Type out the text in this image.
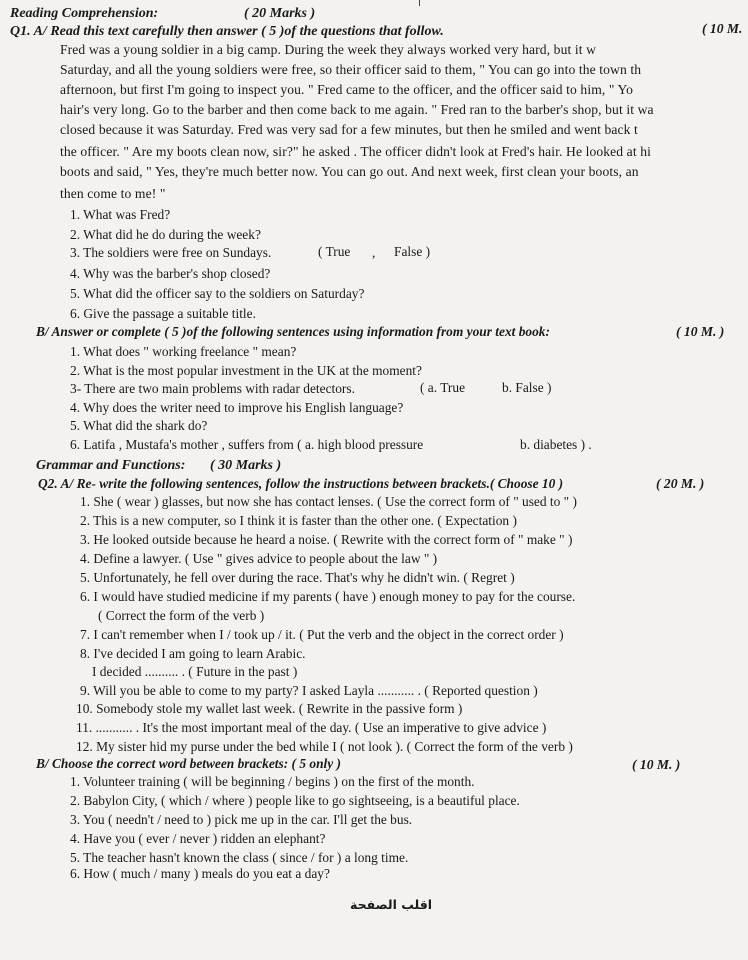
Reading Comprehension:	( 20 Marks )
Q1. A/ Read this text carefully then answer ( 5 )of the questions that follow.	( 10 M.
Fred was a young soldier in a big camp. During the week they always worked very hard, but it w
Saturday, and all the young soldiers were free, so their officer said to them, " You can go into the town th
afternoon, but first I'm going to inspect you. " Fred came to the officer, and the officer said to him, " Yo
hair's very long. Go to the barber and then come back to me again. " Fred ran to the barber's shop, but it wa
closed because it was Saturday. Fred was very sad for a few minutes, but then he smiled and went back t
the officer. " Are my boots clean now, sir?" he asked . The officer didn't look at Fred's hair. He looked at hi
boots and said, " Yes, they're much better now. You can go out. And next week, first clean your boots, an
then come to me! "
1. What was Fred?
2. What did he do during the week?
3. The soldiers were free on Sundays.	( True , False )
4. Why was the barber's shop closed?
5. What did the officer say to the soldiers on Saturday?
6. Give the passage a suitable title.
B/ Answer or complete ( 5 )of the following sentences using information from your text book:	( 10 M. )
1. What does " working freelance " mean?
2. What is the most popular investment in the UK at the moment?
3- There are two main problems with radar detectors.	( a. True	b. False )
4. Why does the writer need to improve his English language?
5. What did the shark do?
6. Latifa , Mustafa's mother , suffers from ( a. high blood pressure	b. diabetes ) .
Grammar and Functions: ( 30 Marks )
Q2. A/ Re- write the following sentences, follow the instructions between brackets.( Choose 10 )	( 20 M. )
1. She ( wear ) glasses, but now she has contact lenses. ( Use the correct form of " used to " )
2. This is a new computer, so I think it is faster than the other one. ( Expectation )
3. He looked outside because he heard a noise. ( Rewrite with the correct form of " make " )
4. Define a lawyer. ( Use " gives advice to people about the law " )
5. Unfortunately, he fell over during the race. That's why he didn't win. ( Regret )
6. I would have studied medicine if my parents ( have ) enough money to pay for the course.
( Correct the form of the verb )
7. I can't remember when I / took up / it. ( Put the verb and the object in the correct order )
8. I've decided I am going to learn Arabic.
I decided .......... . ( Future in the past )
9. Will you be able to come to my party? I asked Layla ........... . ( Reported question )
10. Somebody stole my wallet last week. ( Rewrite in the passive form )
11. ........... . It's the most important meal of the day. ( Use an imperative to give advice )
12. My sister hid my purse under the bed while I ( not look ). ( Correct the form of the verb )
B/ Choose the correct word between brackets: ( 5 only )	( 10 M. )
1. Volunteer training ( will be beginning / begins ) on the first of the month.
2. Babylon City, ( which / where ) people like to go sightseeing, is a beautiful place.
3. You ( needn't / need to ) pick me up in the car. I'll get the bus.
4. Have you ( ever / never ) ridden an elephant?
5. The teacher hasn't known the class ( since / for ) a long time.
6. How ( much / many ) meals do you eat a day?
اقلب الصفحة
